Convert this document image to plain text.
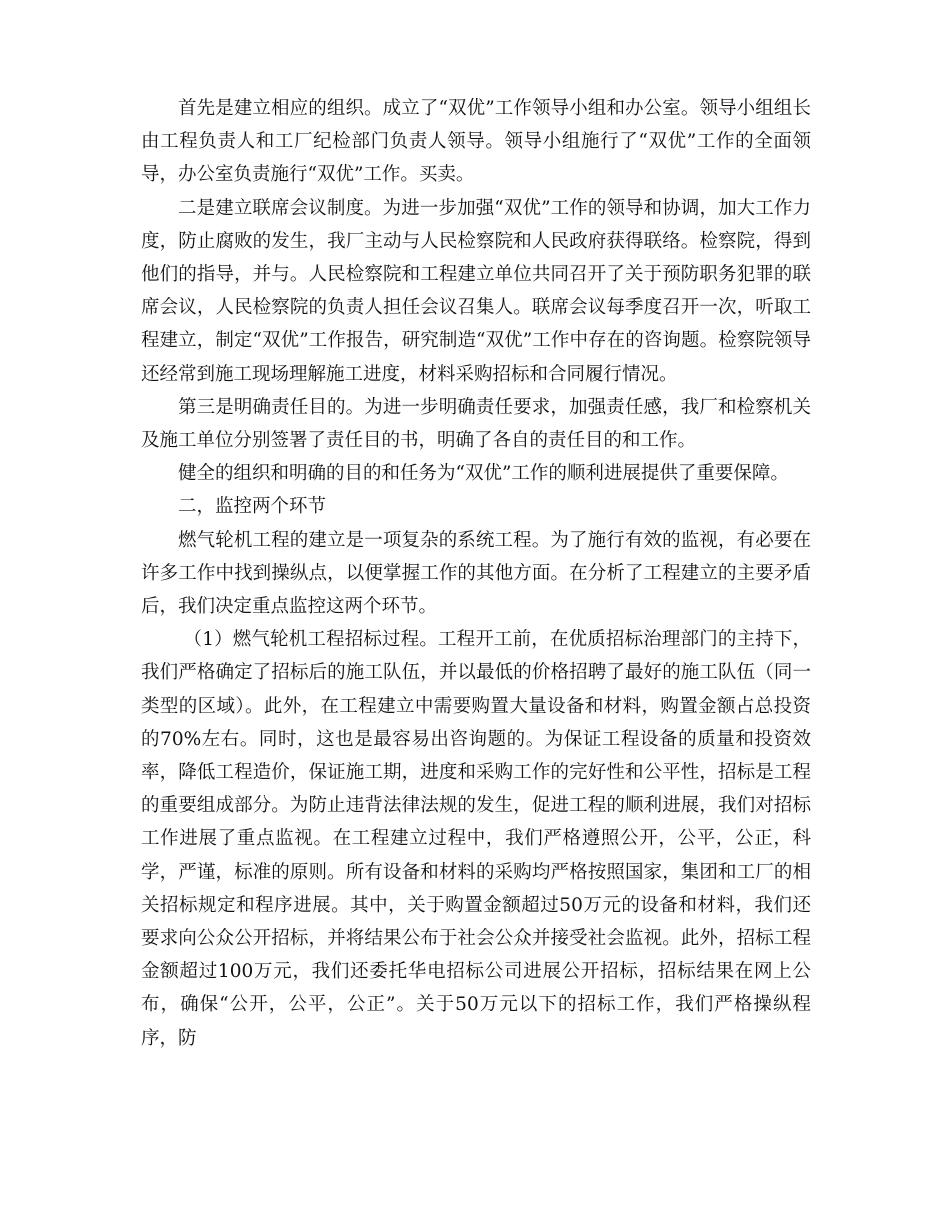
首先是建立相应的组织。成立了“双优”工作领导小组和办公室。领导小组组长由工程负责人和工厂纪检部门负责人领导。领导小组施行了“双优”工作的全面领导，办公室负责施行“双优”工作。买卖。

二是建立联席会议制度。为进一步加强“双优”工作的领导和协调，加大工作力度，防止腐败的发生，我厂主动与人民检察院和人民政府获得联络。检察院，得到他们的指导，并与。人民检察院和工程建立单位共同召开了关于预防职务犯罪的联席会议，人民检察院的负责人担任会议召集人。联席会议每季度召开一次，听取工程建立，制定“双优”工作报告，研究制造“双优”工作中存在的咨询题。检察院领导还经常到施工现场理解施工进度，材料采购招标和合同履行情况。

第三是明确责任目的。为进一步明确责任要求，加强责任感，我厂和检察机关及施工单位分别签署了责任目的书，明确了各自的责任目的和工作。

健全的组织和明确的目的和任务为“双优”工作的顺利进展提供了重要保障。

二，监控两个环节

燃气轮机工程的建立是一项复杂的系统工程。为了施行有效的监视，有必要在许多工作中找到操纵点，以便掌握工作的其他方面。在分析了工程建立的主要矛盾后，我们决定重点监控这两个环节。

（1）燃气轮机工程招标过程。工程开工前，在优质招标治理部门的主持下，我们严格确定了招标后的施工队伍，并以最低的价格招聘了最好的施工队伍（同一类型的区域）。此外，在工程建立中需要购置大量设备和材料，购置金额占总投资的70%左右。同时，这也是最容易出咨询题的。为保证工程设备的质量和投资效率，降低工程造价，保证施工期，进度和采购工作的完好性和公平性，招标是工程的重要组成部分。为防止违背法律法规的发生，促进工程的顺利进展，我们对招标工作进展了重点监视。在工程建立过程中，我们严格遵照公开，公平，公正，科学，严谨，标准的原则。所有设备和材料的采购均严格按照国家，集团和工厂的相关招标规定和程序进展。其中，关于购置金额超过50万元的设备和材料，我们还要求向公众公开招标，并将结果公布于社会公众并接受社会监视。此外，招标工程金额超过100万元，我们还委托华电招标公司进展公开招标，招标结果在网上公布，确保“公开，公平，公正”。关于50万元以下的招标工作，我们严格操纵程序，防
